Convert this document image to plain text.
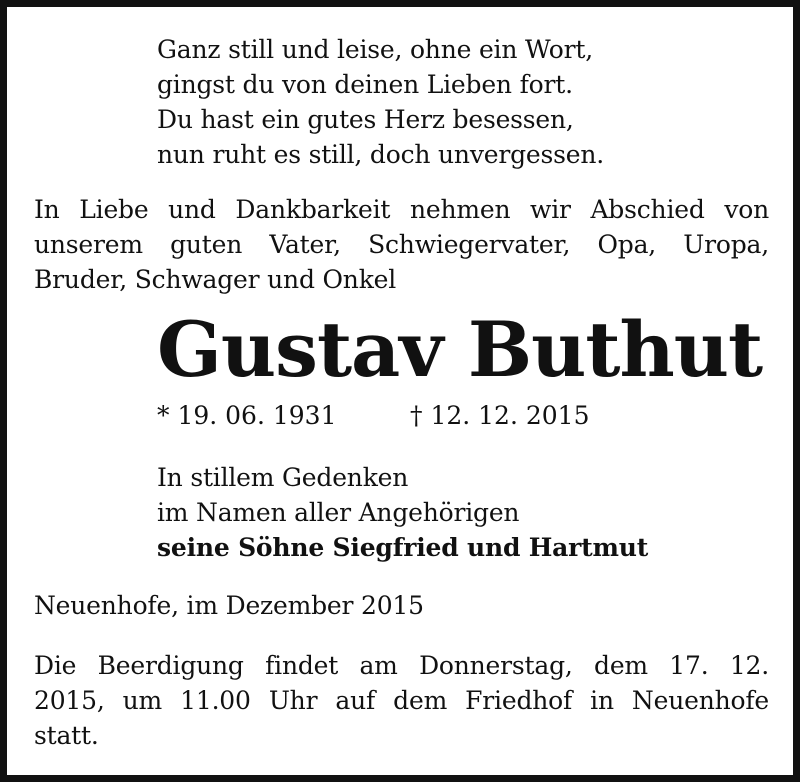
Ganz still und leise, ohne ein Wort,
gingst du von deinen Lieben fort.
Du hast ein gutes Herz besessen,
nun ruht es still, doch unvergessen.
In Liebe und Dankbarkeit nehmen wir Abschied von
unserem guten Vater, Schwiegervater, Opa, Uropa,
Bruder, Schwager und Onkel
Gustav Buthut
* 19. 06. 1931	† 12. 12. 2015
In stillem Gedenken
im Namen aller Angehörigen
seine Söhne Siegfried und Hartmut
Neuenhofe, im Dezember 2015
Die Beerdigung findet am Donnerstag, dem 17. 12.
2015, um 11.00 Uhr auf dem Friedhof in Neuenhofe
statt.
